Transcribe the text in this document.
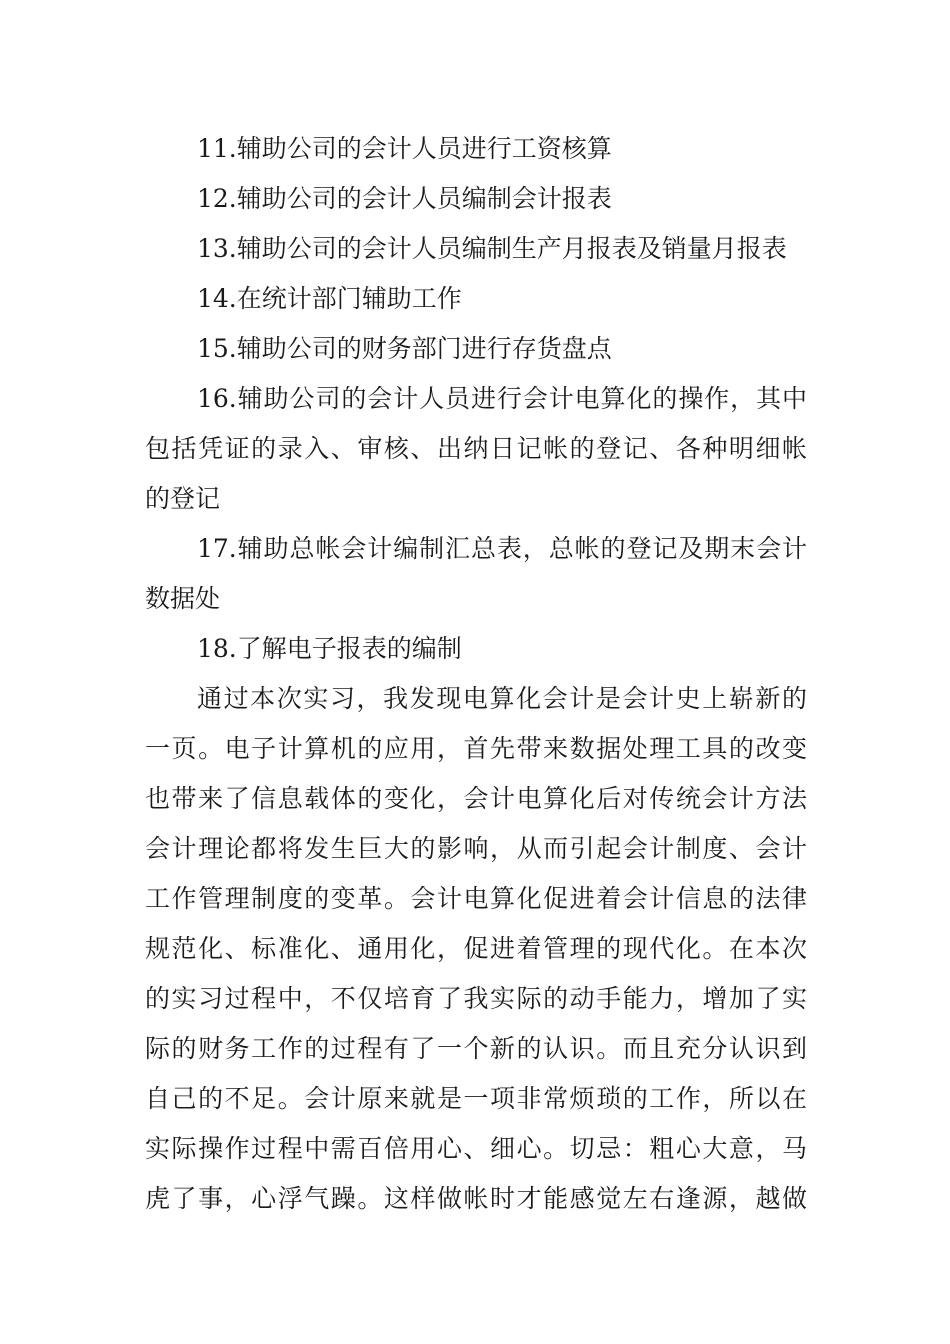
11.辅助公司的会计人员进行工资核算
12.辅助公司的会计人员编制会计报表
13.辅助公司的会计人员编制生产月报表及销量月报表
14.在统计部门辅助工作
15.辅助公司的财务部门进行存货盘点
16.辅助公司的会计人员进行会计电算化的操作，其中
包括凭证的录入、审核、出纳日记帐的登记、各种明细帐
的登记
17.辅助总帐会计编制汇总表，总帐的登记及期末会计
数据处
18.了解电子报表的编制
通过本次实习，我发现电算化会计是会计史上崭新的
一页。电子计算机的应用，首先带来数据处理工具的改变
也带来了信息载体的变化，会计电算化后对传统会计方法
会计理论都将发生巨大的影响，从而引起会计制度、会计
工作管理制度的变革。会计电算化促进着会计信息的法律
规范化、标准化、通用化，促进着管理的现代化。在本次
的实习过程中，不仅培育了我实际的动手能力，增加了实
际的财务工作的过程有了一个新的认识。而且充分认识到
自己的不足。会计原来就是一项非常烦琐的工作，所以在
实际操作过程中需百倍用心、细心。切忌：粗心大意，马
虎了事，心浮气躁。这样做帐时才能感觉左右逢源，越做
